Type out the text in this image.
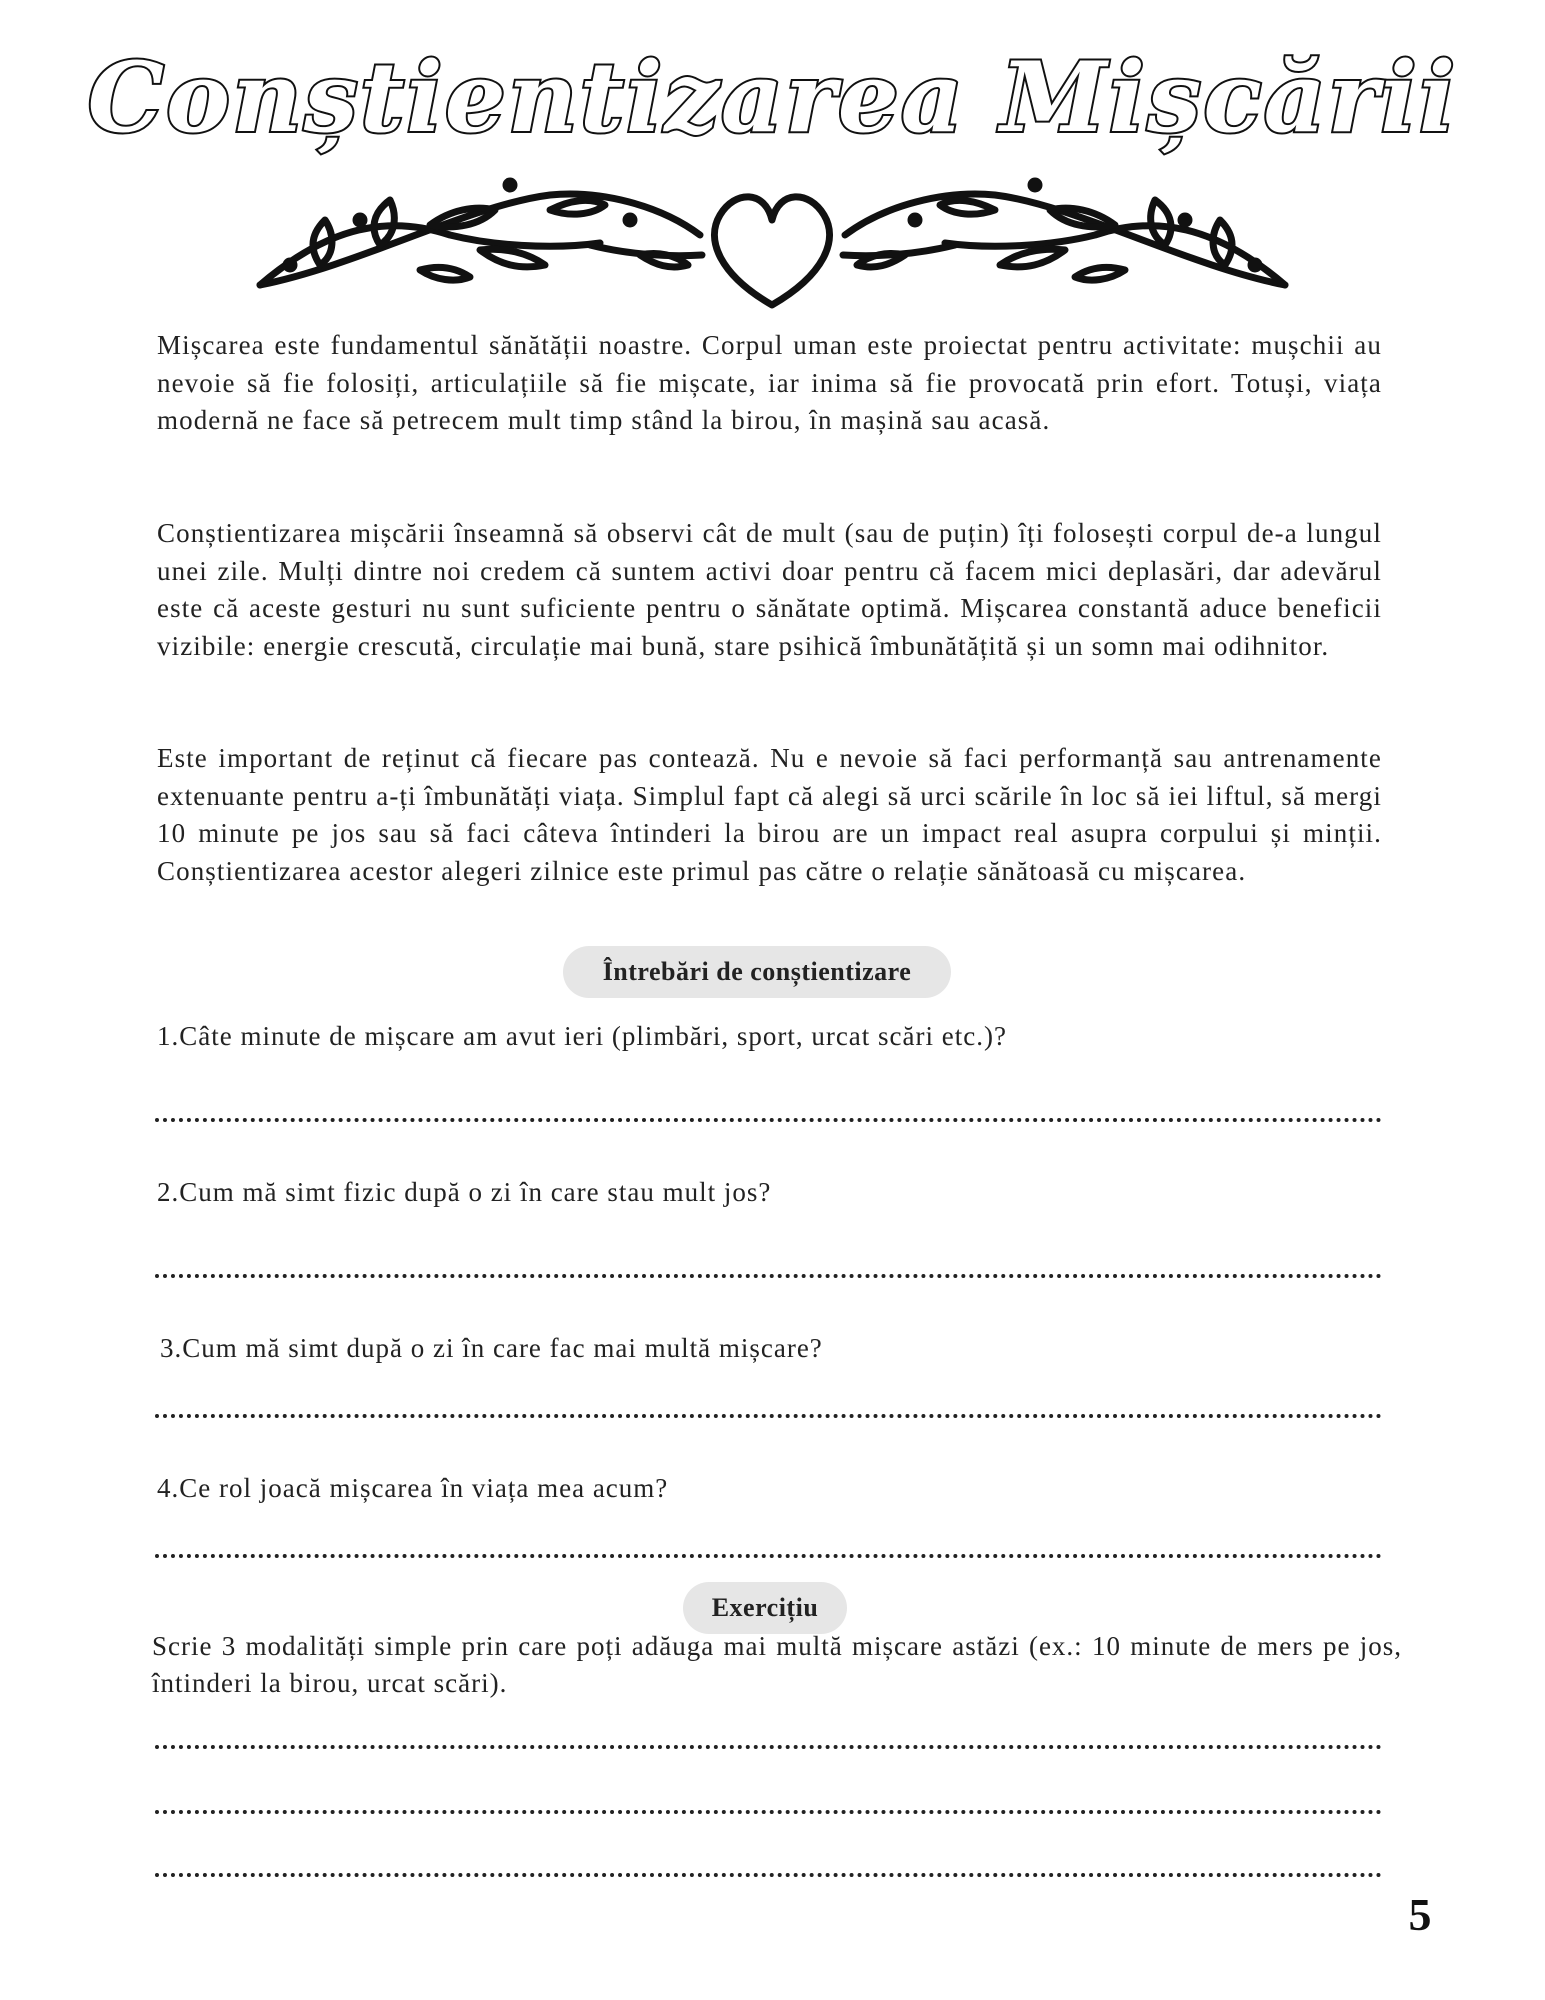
Conștientizarea Mișcării

Mișcarea este fundamentul sănătății noastre. Corpul uman este proiectat pentru activitate: mușchii au nevoie să fie folosiți, articulațiile să fie mișcate, iar inima să fie provocată prin efort. Totuși, viața modernă ne face să petrecem mult timp stând la birou, în mașină sau acasă.

Conștientizarea mișcării înseamnă să observi cât de mult (sau de puțin) îți folosești corpul de-a lungul unei zile. Mulți dintre noi credem că suntem activi doar pentru că facem mici deplasări, dar adevărul este că aceste gesturi nu sunt suficiente pentru o sănătate optimă. Mișcarea constantă aduce beneficii vizibile: energie crescută, circulație mai bună, stare psihică îmbunătățită și un somn mai odihnitor.

Este important de reținut că fiecare pas contează. Nu e nevoie să faci performanță sau antrenamente extenuante pentru a-ți îmbunătăți viața. Simplul fapt că alegi să urci scările în loc să iei liftul, să mergi 10 minute pe jos sau să faci câteva întinderi la birou are un impact real asupra corpului și minții. Conștientizarea acestor alegeri zilnice este primul pas către o relație sănătoasă cu mișcarea.

Întrebări de conștientizare

1.Câte minute de mișcare am avut ieri (plimbări, sport, urcat scări etc.)?

2.Cum mă simt fizic după o zi în care stau mult jos?

3.Cum mă simt după o zi în care fac mai multă mișcare?

4.Ce rol joacă mișcarea în viața mea acum?

Exercițiu

Scrie 3 modalități simple prin care poți adăuga mai multă mișcare astăzi (ex.: 10 minute de mers pe jos, întinderi la birou, urcat scări).

5
